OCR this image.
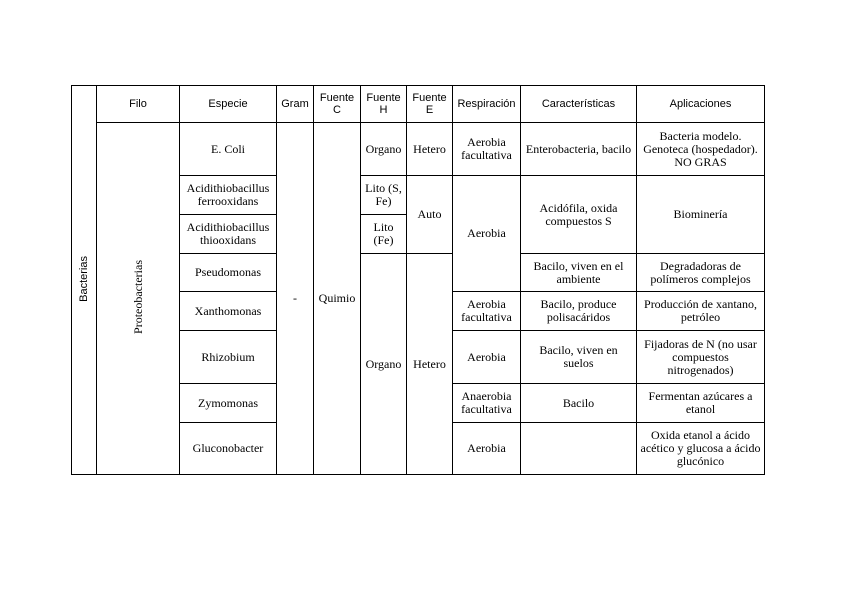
Bacterias	Filo	Especie	Gram	Fuente C	Fuente H	Fuente E	Respiración	Características	Aplicaciones
	Proteobacterias	E. Coli	-	Quimio	Organo	Hetero	Aerobia facultativa	Enterobacteria, bacilo	Bacteria modelo. Genoteca (hospedador). NO GRAS
		Acidithiobacillus ferrooxidans			Lito (S, Fe)	Auto	Aerobia	Acidófila, oxida compuestos S	Biominería
		Acidithiobacillus thiooxidans			Lito (Fe)				
		Pseudomonas			Organo	Hetero		Bacilo, viven en el ambiente	Degradadoras de polímeros complejos
		Xanthomonas					Aerobia facultativa	Bacilo, produce polisacáridos	Producción de xantano, petróleo
		Rhizobium					Aerobia	Bacilo, viven en suelos	Fijadoras de N (no usar compuestos nitrogenados)
		Zymomonas					Anaerobia facultativa	Bacilo	Fermentan azúcares a etanol
		Gluconobacter					Aerobia		Oxida etanol a ácido acético y glucosa a ácido glucónico
